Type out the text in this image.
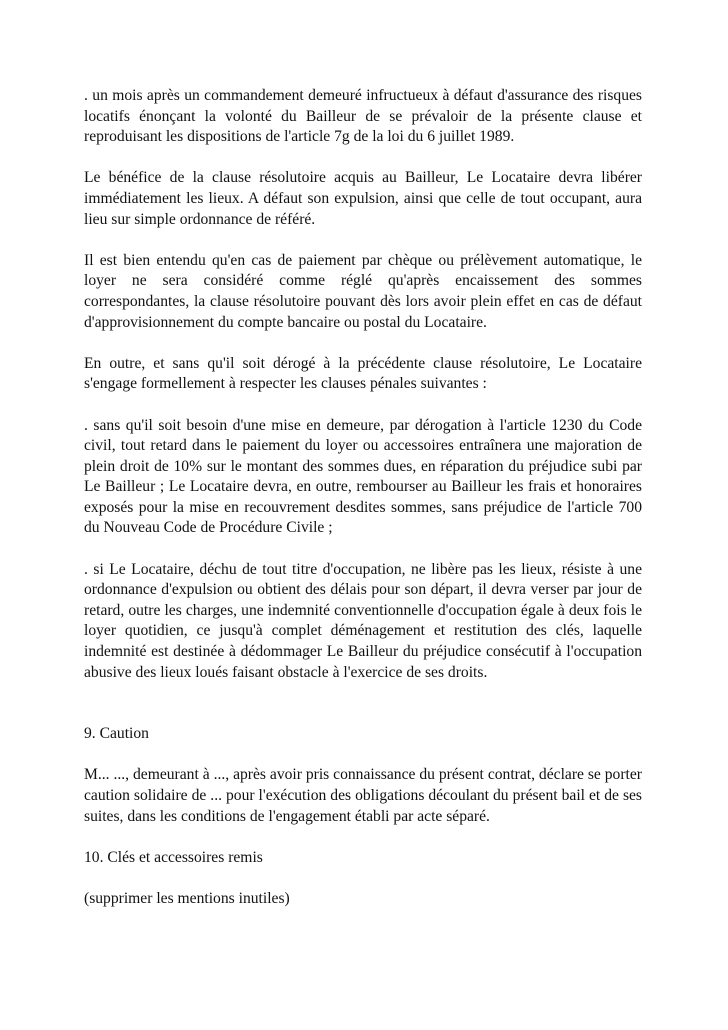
. un mois après un commandement demeuré infructueux à défaut d'assurance des risques locatifs énonçant la volonté du Bailleur de se prévaloir de la présente clause et reproduisant les dispositions de l'article 7g de la loi du 6 juillet 1989.

Le bénéfice de la clause résolutoire acquis au Bailleur, Le Locataire devra libérer immédiatement les lieux. A défaut son expulsion, ainsi que celle de tout occupant, aura lieu sur simple ordonnance de référé.

Il est bien entendu qu'en cas de paiement par chèque ou prélèvement automatique, le loyer ne sera considéré comme réglé qu'après encaissement des sommes correspondantes, la clause résolutoire pouvant dès lors avoir plein effet en cas de défaut d'approvisionnement du compte bancaire ou postal du Locataire.

En outre, et sans qu'il soit dérogé à la précédente clause résolutoire, Le Locataire s'engage formellement à respecter les clauses pénales suivantes :

. sans qu'il soit besoin d'une mise en demeure, par dérogation à l'article 1230 du Code civil, tout retard dans le paiement du loyer ou accessoires entraînera une majoration de plein droit de 10% sur le montant des sommes dues, en réparation du préjudice subi par Le Bailleur ; Le Locataire devra, en outre, rembourser au Bailleur les frais et honoraires exposés pour la mise en recouvrement desdites sommes, sans préjudice de l'article 700 du Nouveau Code de Procédure Civile ;

. si Le Locataire, déchu de tout titre d'occupation, ne libère pas les lieux, résiste à une ordonnance d'expulsion ou obtient des délais pour son départ, il devra verser par jour de retard, outre les charges, une indemnité conventionnelle d'occupation égale à deux fois le loyer quotidien, ce jusqu'à complet déménagement et restitution des clés, laquelle indemnité est destinée à dédommager Le Bailleur du préjudice consécutif à l'occupation abusive des lieux loués faisant obstacle à l'exercice de ses droits.

9. Caution

M... ..., demeurant à ..., après avoir pris connaissance du présent contrat, déclare se porter caution solidaire de ... pour l'exécution des obligations découlant du présent bail et de ses suites, dans les conditions de l'engagement établi par acte séparé.

10. Clés et accessoires remis

(supprimer les mentions inutiles)
